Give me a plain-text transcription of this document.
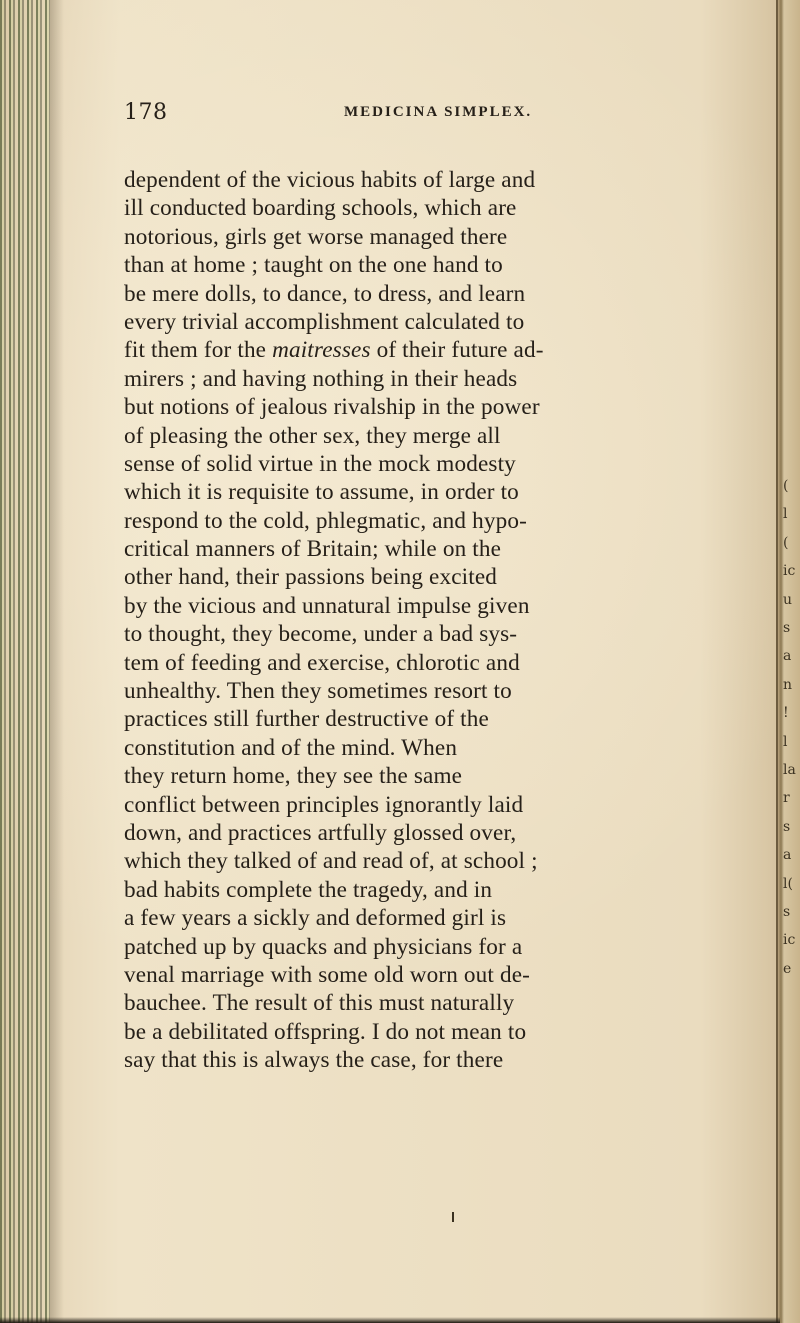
178	MEDICINA SIMPLEX.
dependent of the vicious habits of large and
ill conducted boarding schools, which are
notorious, girls get worse managed there
than at home ; taught on the one hand to
be mere dolls, to dance, to dress, and learn
every trivial accomplishment calculated to
fit them for the maitresses of their future ad-
mirers ; and having nothing in their heads
but notions of jealous rivalship in the power
of pleasing the other sex, they merge all
sense of solid virtue in the mock modesty
which it is requisite to assume, in order to
respond to the cold, phlegmatic, and hypo-
critical manners of Britain; while on the
other hand, their passions being excited
by the vicious and unnatural impulse given
to thought, they become, under a bad sys-
tem of feeding and exercise, chlorotic and
unhealthy. Then they sometimes resort to
practices still further destructive of the
constitution and of the mind. When
they return home, they see the same
conflict between principles ignorantly laid
down, and practices artfully glossed over,
which they talked of and read of, at school ;
bad habits complete the tragedy, and in
a few years a sickly and deformed girl is
patched up by quacks and physicians for a
venal marriage with some old worn out de-
bauchee. The result of this must naturally
be a debilitated offspring. I do not mean to
say that this is always the case, for there
(
l
(
ic
u
s
a
n
!
l
la
r
s
a
l(
s
ic
e
